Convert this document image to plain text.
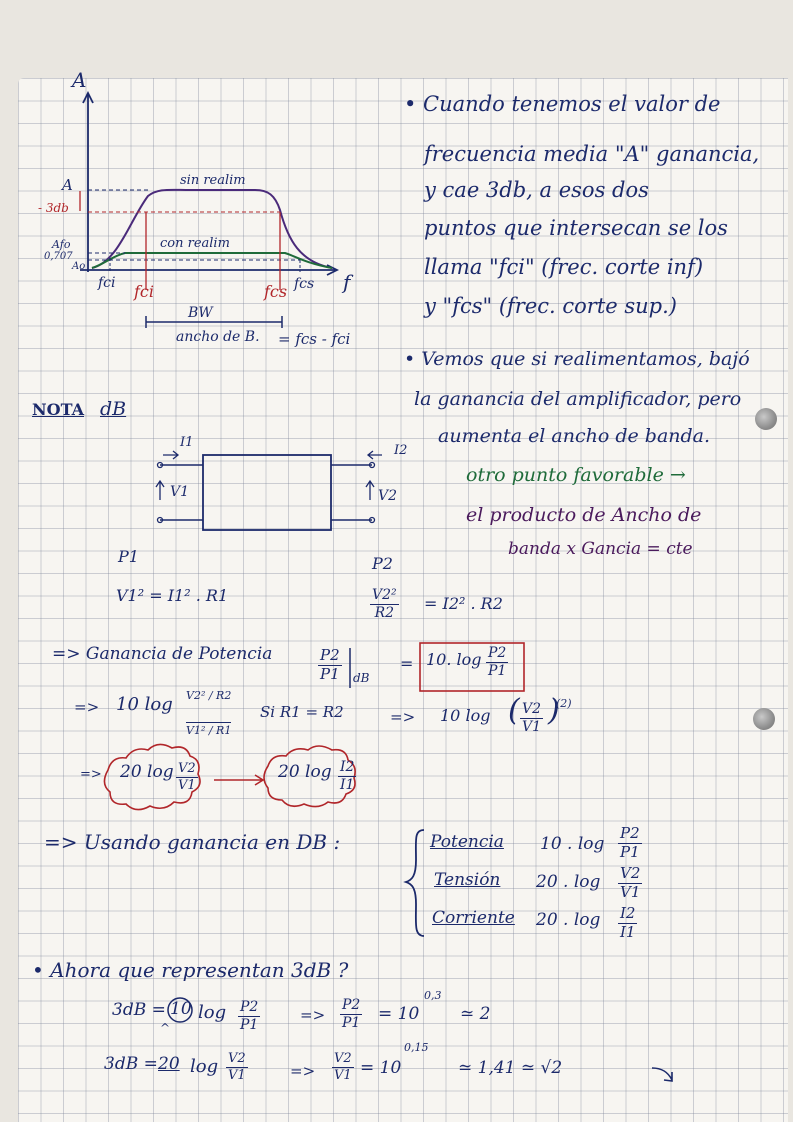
A
f
A
- 3db
Afo
0,707
Ao
sin realim
con realim
fci fci	fcs fcs
BW
ancho de B. = fcs - fci
• Cuando tenemos el valor de
frecuencia media "A" ganancia,
y cae 3db, a esos dos
puntos que intersecan se los
llama "fci" (frec. corte inf)
y "fcs" (frec. corte sup.)
• Vemos que si realimentamos, bajó
la ganancia del amplificador, pero
aumenta el ancho de banda.
otro punto favorable →
el producto de Ancho de
banda x Gancia = cte
NOTA dB
I1
I2
V1	V2
P1	P2
V1² = I1² . R1	$\frac{\text{V2²}}{R2} = I2^2$ . R2
=> Ganancia de Potencia	$\frac{P2}{P1}$ dB
= 10. $\log \frac{P2}{P1}$
=> 10 log V2² / R2
V1² / R1
Si R1 = R2	=> 10 log ( $\frac{V2}{V1}$ )
(2)
=> 20 $\log \frac{V2}{V1}$	20 $\log \frac{I2}{I1}$
=> Usando ganancia en DB :	Potencia 10 . $\log \frac{P2}{P1}$
Tensión 20 . $\log \frac{V2}{V1}$
Corriente 20 . $\log \frac{I2}{I1}$
• Ahora que representan 3dB ?
3dB = 10
^
$\log \frac{P2}{P1}$	=> $\frac{P2}{P1} = 10$
0,3
≃ 2
3dB = 20 $\log \frac{V2}{V1}$	=> $\frac{V2}{V1} = 10$
0,15
≃ 1,41 ≃ √2
